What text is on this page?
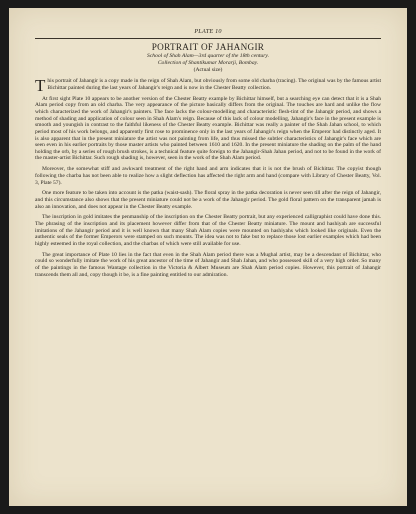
PLATE 10
PORTRAIT OF JAHANGIR

School of Shah Alam—3rd quarter of the 18th century.

Collection of Shantikumar Morarji, Bombay.

(Actual size)

This portrait of Jahangir is a copy made in the reign of Shah Alam, but obviously from some old charba (tracing). The original was by the famous artist Bichittar painted during the last years of Jahangir's reign and is now in the Chester Beatty collection.

At first sight Plate 10 appears to be another version of the Chester Beatty example by Bichittar himself, but a searching eye can detect that it is a Shah Alam period copy from an old charba. The very appearance of the picture basically differs from the original. The touches are hard and unlike the flow which characterized the work of Jahangir's painters. The face lacks the colour-modelling and characteristic flesh-tint of the Jahangir period, and shows a method of shading and application of colour seen in Shah Alam's reign. Because of this lack of colour modelling, Jahangir's face in the present example is smooth and youngish in contrast to the faithful likeness of the Chester Beatty example. Bichittar was really a painter of the Shah Jahan school, to which period most of his work belongs, and apparently first rose to prominence only in the last years of Jahangir's reign when the Emperor had distinctly aged. It is also apparent that in the present miniature the artist was not painting from life, and thus missed the subtler characteristics of Jahangir's face which are seen even in his earlier portraits by those master artists who painted between 1610 and 1620. In the present miniature the shading on the palm of the hand holding the orb, by a series of rough brush strokes, is a technical feature quite foreign to the Jahangir-Shah Jahan period, and not to be found in the work of the master-artist Bichittar. Such rough shading is, however, seen in the work of the Shah Alam period.

Moreover, the somewhat stiff and awkward treatment of the right hand and arm indicates that it is not the brush of Bichittar. The copyist though following the charba has not been able to realize how a slight deflection has affected the right arm and hand (compare with Library of Chester Beatty, Vol. 3, Plate 57).

One more feature to be taken into account is the patka (waist-sash). The floral spray in the patka decoration is never seen till after the reign of Jahangir, and this circumstance also shows that the present miniature could not be a work of the Jahangir period. The gold floral pattern on the transparent jamah is also an innovation, and does not appear in the Chester Beatty example.

The inscription in gold imitates the penmanship of the inscription on the Chester Beatty portrait, but any experienced calligraphist could have done this. The phrasing of the inscription and its placement however differ from that of the Chester Beatty miniature. The mount and hashiyah are successful imitations of the Jahangir period and it is well known that many Shah Alam copies were mounted on hashiyahs which looked like originals. Even the authentic seals of the former Emperors were stamped on such mounts. The idea was not to fake but to replace those lost earlier examples which had been highly esteemed in the royal collection, and the charbas of which were still available for use.

The great importance of Plate 10 lies in the fact that even in the Shah Alam period there was a Mughal artist, may be a descendant of Bichittar, who could so wonderfully imitate the work of his great ancestor of the time of Jahangir and Shah Jahan, and who possessed skill of a very high order. So many of the paintings in the famous Wantage collection in the Victoria & Albert Museum are Shah Alam period copies. However, this portrait of Jahangir transcends them all and, copy though it be, is a fine painting entitled to our admiration.
